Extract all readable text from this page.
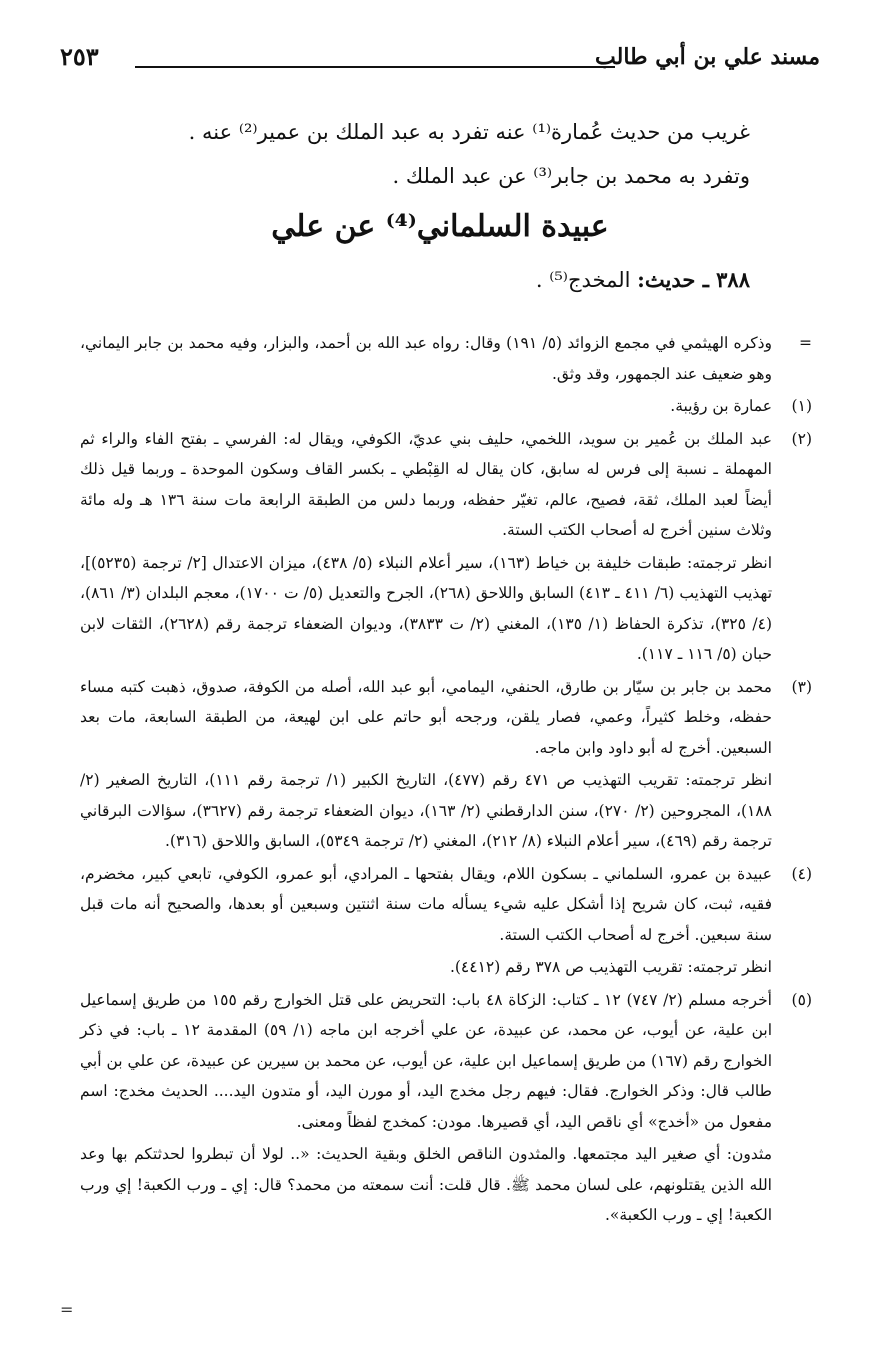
مسند علي بن أبي طالب
٢٥٣

غريب من حديث عُمارة⁽¹⁾ عنه تفرد به عبد الملك بن عمير⁽²⁾ عنه .

وتفرد به محمد بن جابر⁽³⁾ عن عبد الملك .

عبيدة السلماني⁽⁴⁾ عن علي

٣٨٨ ـ حديث: المخدج⁽⁵⁾ .

=

وذكره الهيثمي في مجمع الزوائد (٥/ ١٩١) وقال: رواه عبد الله بن أحمد، والبزار، وفيه محمد بن جابر اليماني، وهو ضعيف عند الجمهور، وقد وثق.

(١)

عمارة بن رؤيبة.

(٢)

عبد الملك بن عُمير بن سويد، اللخمي، حليف بني عديّ، الكوفي، ويقال له: الفرسي ـ بفتح الفاء والراء ثم المهملة ـ نسبة إلى فرس له سابق، كان يقال له القِبْطي ـ بكسر القاف وسكون الموحدة ـ وربما قيل ذلك أيضاً لعبد الملك، ثقة، فصيح، عالم، تغيّر حفظه، وربما دلس من الطبقة الرابعة مات سنة ١٣٦ هـ وله مائة وثلاث سنين أخرج له أصحاب الكتب الستة.

انظر ترجمته: طبقات خليفة بن خياط (١٦٣)، سير أعلام النبلاء (٥/ ٤٣٨)، ميزان الاعتدال [٢/ ترجمة (٥٢٣٥)]، تهذيب التهذيب (٦/ ٤١١ ـ ٤١٣) السابق واللاحق (٢٦٨)، الجرح والتعديل (٥/ ت ١٧٠٠)، معجم البلدان (٣/ ٨٦١)، (٤/ ٣٢٥)، تذكرة الحفاظ (١/ ١٣٥)، المغني (٢/ ت ٣٨٣٣)، وديوان الضعفاء ترجمة رقم (٢٦٢٨)، الثقات لابن حبان (٥/ ١١٦ ـ ١١٧).

(٣)

محمد بن جابر بن سيّار بن طارق، الحنفي، اليمامي، أبو عبد الله، أصله من الكوفة، صدوق، ذهبت كتبه مساء حفظه، وخلط كثيراً، وعمي، فصار يلقن، ورجحه أبو حاتم على ابن لهيعة، من الطبقة السابعة، مات بعد السبعين. أخرج له أبو داود وابن ماجه.

انظر ترجمته: تقريب التهذيب ص ٤٧١ رقم (٤٧٧)، التاريخ الكبير (١/ ترجمة رقم ١١١)، التاريخ الصغير (٢/ ١٨٨)، المجروحين (٢/ ٢٧٠)، سنن الدارقطني (٢/ ١٦٣)، ديوان الضعفاء ترجمة رقم (٣٦٢٧)، سؤالات البرقاني ترجمة رقم (٤٦٩)، سير أعلام النبلاء (٨/ ٢١٢)، المغني (٢/ ترجمة ٥٣٤٩)، السابق واللاحق (٣١٦).

(٤)

عبيدة بن عمرو، السلماني ـ بسكون اللام، ويقال بفتحها ـ المرادي، أبو عمرو، الكوفي، تابعي كبير، مخضرم، فقيه، ثبت، كان شريح إذا أشكل عليه شيء يسأله مات سنة اثنتين وسبعين أو بعدها، والصحيح أنه مات قبل سنة سبعين. أخرج له أصحاب الكتب الستة.

انظر ترجمته: تقريب التهذيب ص ٣٧٨ رقم (٤٤١٢).

(٥)

أخرجه مسلم (٢/ ٧٤٧) ١٢ ـ كتاب: الزكاة ٤٨ باب: التحريض على قتل الخوارج رقم ١٥٥ من طريق إسماعيل ابن علية، عن أيوب، عن محمد، عن عبيدة، عن علي أخرجه ابن ماجه (١/ ٥٩) المقدمة ١٢ ـ باب: في ذكر الخوارج رقم (١٦٧) من طريق إسماعيل ابن علية، عن أيوب، عن محمد بن سيرين عن عبيدة، عن علي بن أبي طالب قال: وذكر الخوارج. فقال: فيهم رجل مخدج اليد، أو مورن اليد، أو متدون اليد.... الحديث مخدج: اسم مفعول من «أخدج» أي ناقص اليد، أي قصيرها. مودن: كمخدج لفظاً ومعنى.

مثدون: أي صغير اليد مجتمعها. والمثدون الناقص الخلق وبقية الحديث: «.. لولا أن تبطروا لحدثتكم بها وعد الله الذين يقتلونهم، على لسان محمد ﷺ. قال قلت: أنت سمعته من محمد؟ قال: إي ـ ورب الكعبة! إي ورب الكعبة! إي ـ ورب الكعبة».

=
